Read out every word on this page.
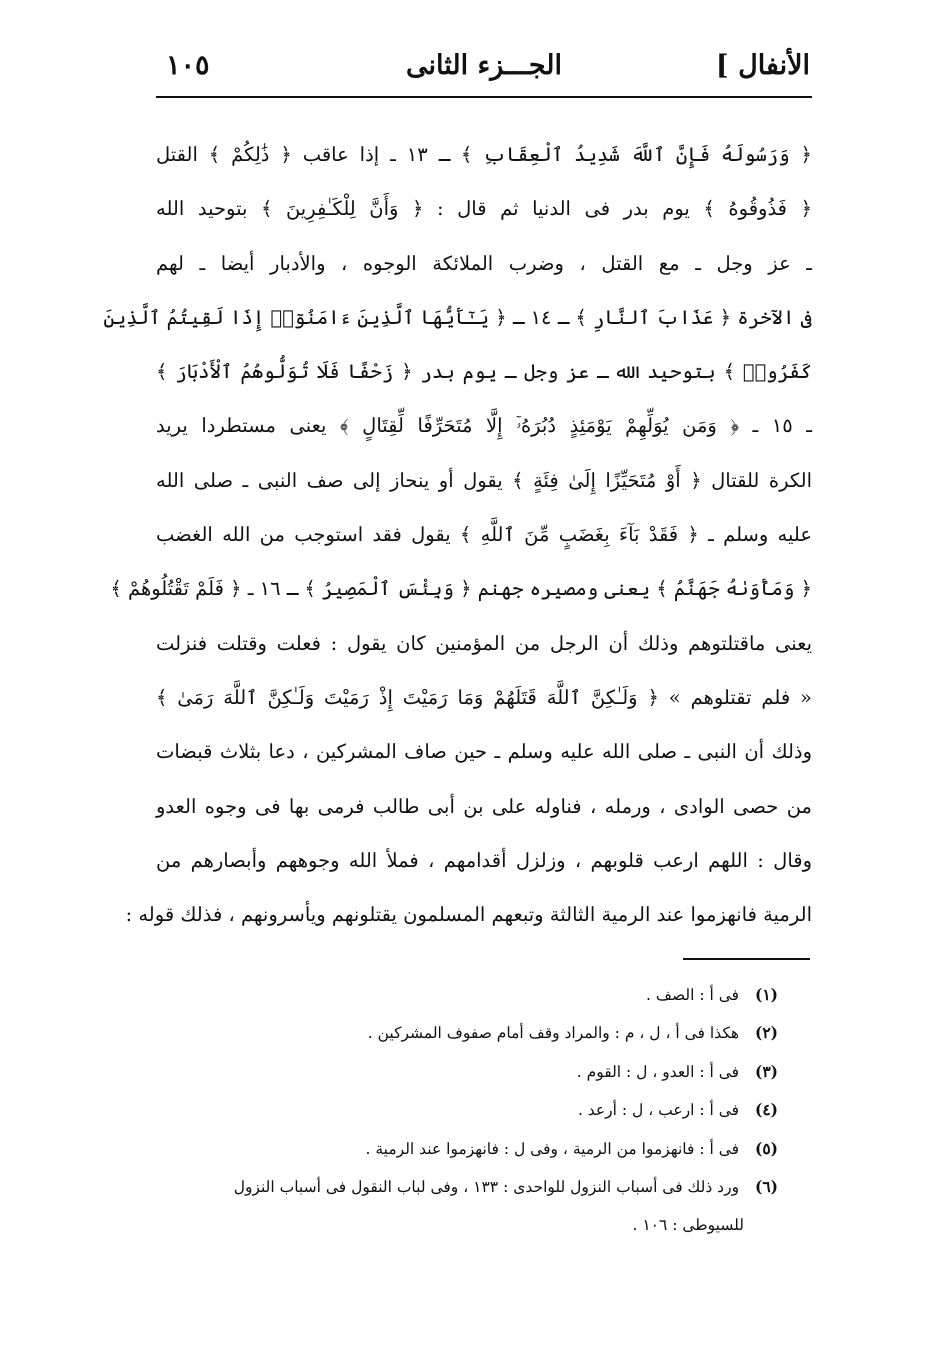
الأنفال ]
الجـــزء الثانى
١٠٥
﴿ وَرَسُولَهُ فَإِنَّ ٱللَّهَ شَدِيدُ ٱلْعِقَابِ ﴾ ـ ١٣ ـ إذا عاقب ﴿ ذَٰلِكُمْ ﴾ القتل
﴿ فَذُوقُوهُ ﴾ يوم بدر فى الدنيا ثم قال : ﴿ وَأَنَّ لِلْكَـٰفِرِينَ ﴾ بتوحيد الله
ـ عز وجل ـ مع القتل ، وضرب الملائكة الوجوه ، والأدبار أيضا ـ لهم
فى الآخرة ﴿ عَذَابَ ٱلنَّارِ ﴾ ـ ١٤ ـ ﴿ يَـٰٓأَيُّهَا ٱلَّذِينَ ءَامَنُوٓا۟ إِذَا لَقِيتُمُ ٱلَّذِينَ
كَفَرُوا۟ ﴾ بتوحيد الله ـ عز وجل ـ يوم بدر ﴿ زَحْفًا فَلَا تُوَلُّوهُمُ ٱلْأَدْبَارَ ﴾
ـ ١٥ ـ ﴿ وَمَن يُوَلِّهِمْ يَوْمَئِذٍ دُبُرَهُۥٓ إِلَّا مُتَحَرِّفًا لِّقِتَالٍ ﴾ يعنى مستطردا يريد
الكرة للقتال ﴿ أَوْ مُتَحَيِّزًا إِلَىٰ فِئَةٍ ﴾ يقول أو ينحاز إلى صف النبى ـ صلى الله
عليه وسلم ـ ﴿ فَقَدْ بَآءَ بِغَضَبٍ مِّنَ ٱللَّهِ ﴾ يقول فقد استوجب من الله الغضب
﴿ وَمَأْوَىٰهُ جَهَنَّمُ ﴾ يعنى ومصيره جهنم ﴿ وَبِئْسَ ٱلْمَصِيرُ ﴾ ـ ١٦ ـ ﴿ فَلَمْ تَقْتُلُوهُمْ ﴾
يعنى ماقتلتوهم وذلك أن الرجل من المؤمنين كان يقول : فعلت وقتلت فنزلت
« فلم تقتلوهم » ﴿ وَلَـٰكِنَّ ٱللَّهَ قَتَلَهُمْ وَمَا رَمَيْتَ إِذْ رَمَيْتَ وَلَـٰكِنَّ ٱللَّهَ رَمَىٰ ﴾
وذلك أن النبى ـ صلى الله عليه وسلم ـ حين صاف المشركين ، دعا بثلاث قبضات
من حصى الوادى ، ورمله ، فناوله على بن أبى طالب فرمى بها فى وجوه العدو
وقال : اللهم ارعب قلوبهم ، وزلزل أقدامهم ، فملأ الله وجوههم وأبصارهم من
الرمية فانهزموا عند الرمية الثالثة وتبعهم المسلمون يقتلونهم ويأسرونهم ، فذلك قوله :
(١) فى أ : الصف .
(٢) هكذا فى أ ، ل ، م : والمراد وقف أمام صفوف المشركين .
(٣) فى أ : العدو ، ل : القوم .
(٤) فى أ : ارعب ، ل : أرعد .
(٥) فى أ : فانهزموا من الرمية ، وفى ل : فانهزموا عند الرمية .
(٦) ورد ذلك فى أسباب النزول للواحدى : ١٣٣ ، وفى لباب النقول فى أسباب النزول
للسيوطى : ١٠٦ .
